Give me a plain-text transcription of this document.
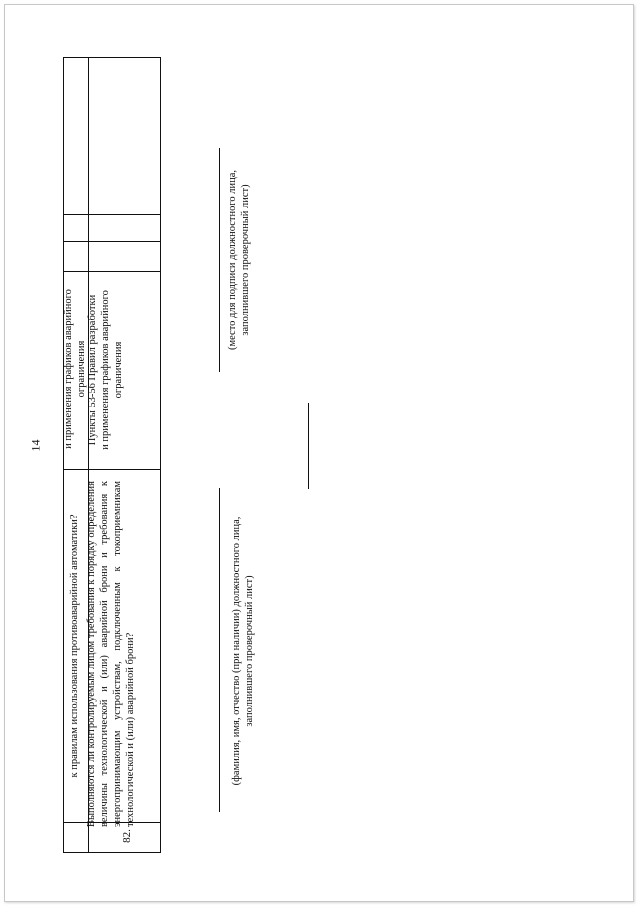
14
к правилам использования противоаварийной автоматики?
и применения графиков аварийного ограничения
82.
Выполняются ли контролируемым лицом требования к порядку определения величины технологической и (или) аварийной брони и требования к энергопринимающим устройствам, подключенным к токоприемникам технологической и (или) аварийной брони?
Пункты 53-56 Правил разработки и применения графиков аварийного ограничения
(фамилия, имя, отчество (при наличии) должностного лица, заполнившего проверочный лист)
(место для подписи должностного лица, заполнившего проверочный лист)
